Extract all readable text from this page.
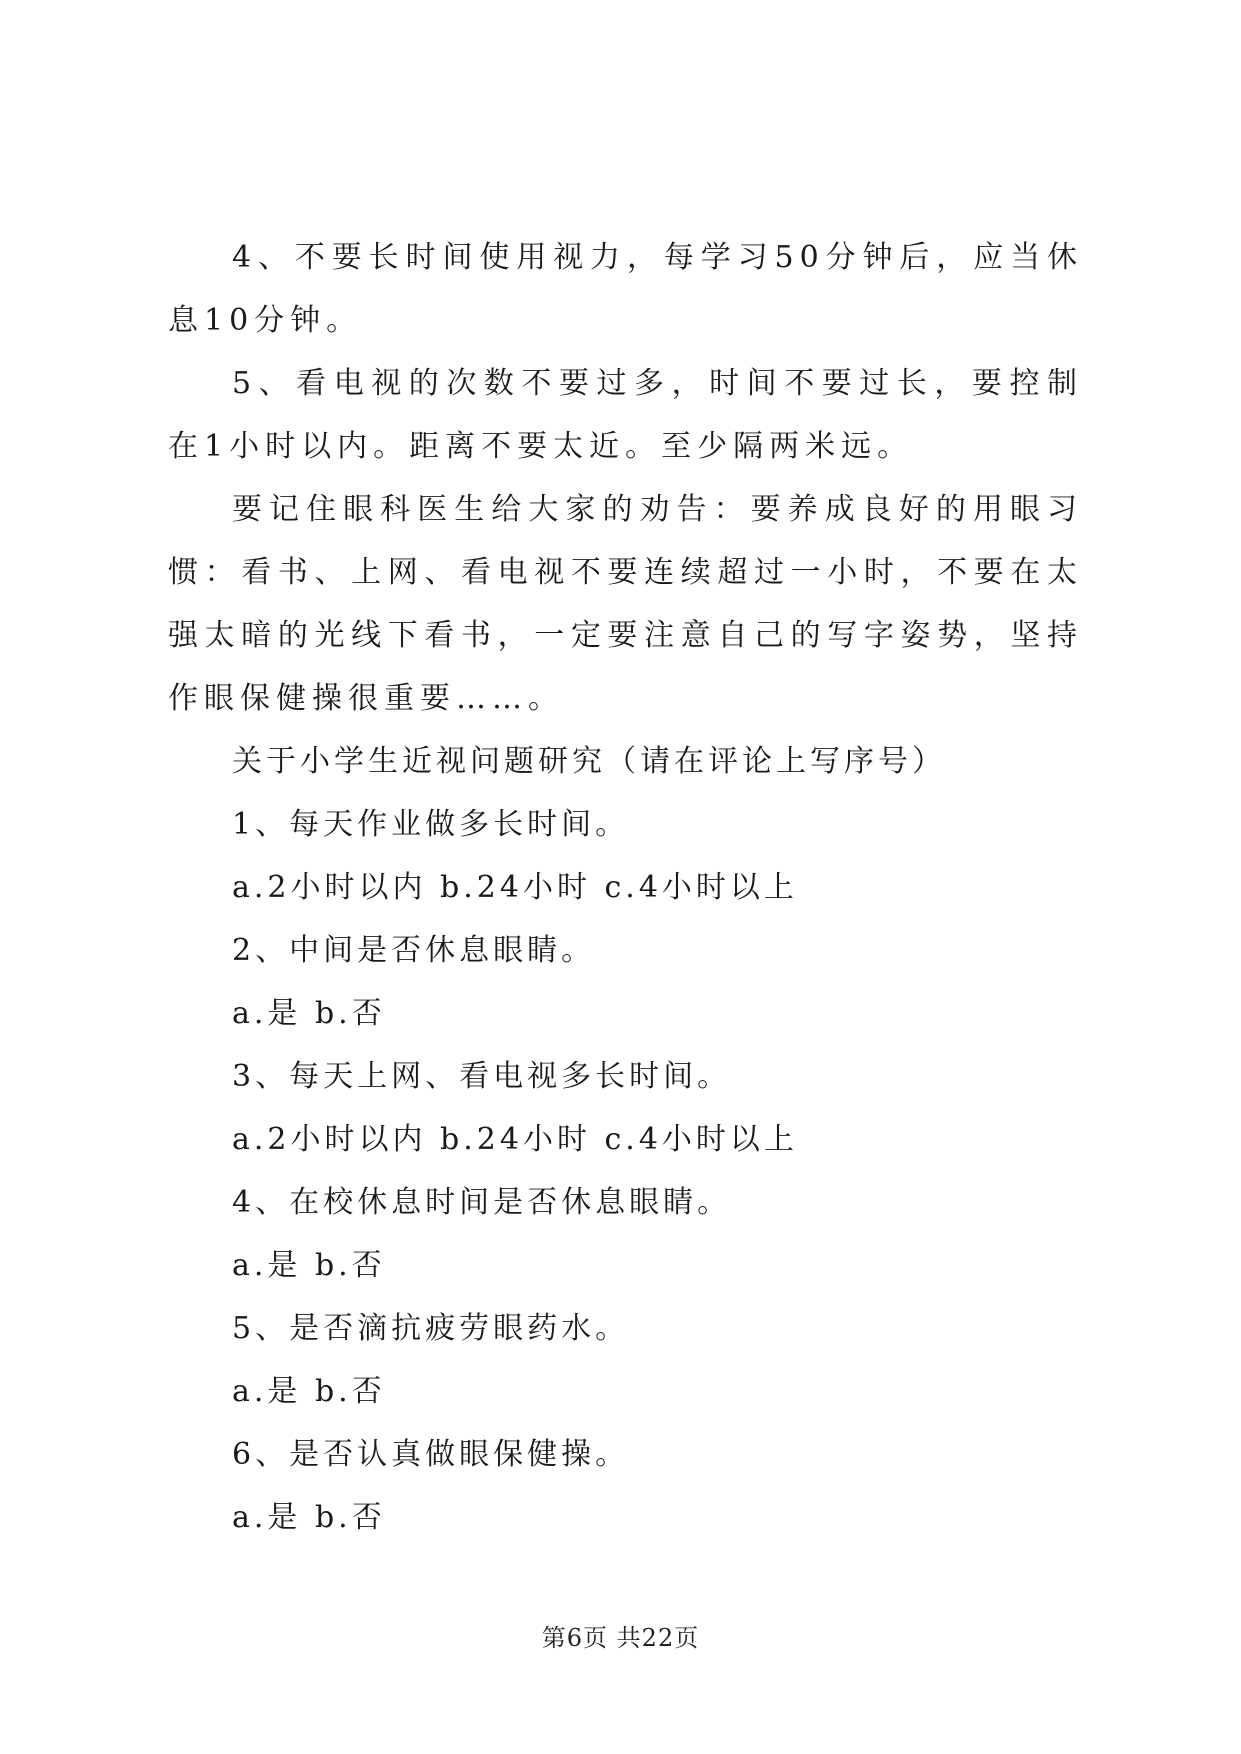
4、不要长时间使用视力，每学习50分钟后，应当休息10分钟。

5、看电视的次数不要过多，时间不要过长，要控制在1小时以内。距离不要太近。至少隔两米远。

要记住眼科医生给大家的劝告：要养成良好的用眼习惯：看书、上网、看电视不要连续超过一小时，不要在太强太暗的光线下看书，一定要注意自己的写字姿势，坚持作眼保健操很重要……。

关于小学生近视问题研究（请在评论上写序号）

1、每天作业做多长时间。

a.2小时以内 b.24小时 c.4小时以上

2、中间是否休息眼睛。

a.是 b.否

3、每天上网、看电视多长时间。

a.2小时以内 b.24小时 c.4小时以上

4、在校休息时间是否休息眼睛。

a.是 b.否

5、是否滴抗疲劳眼药水。

a.是 b.否

6、是否认真做眼保健操。

a.是 b.否

第6页 共22页
